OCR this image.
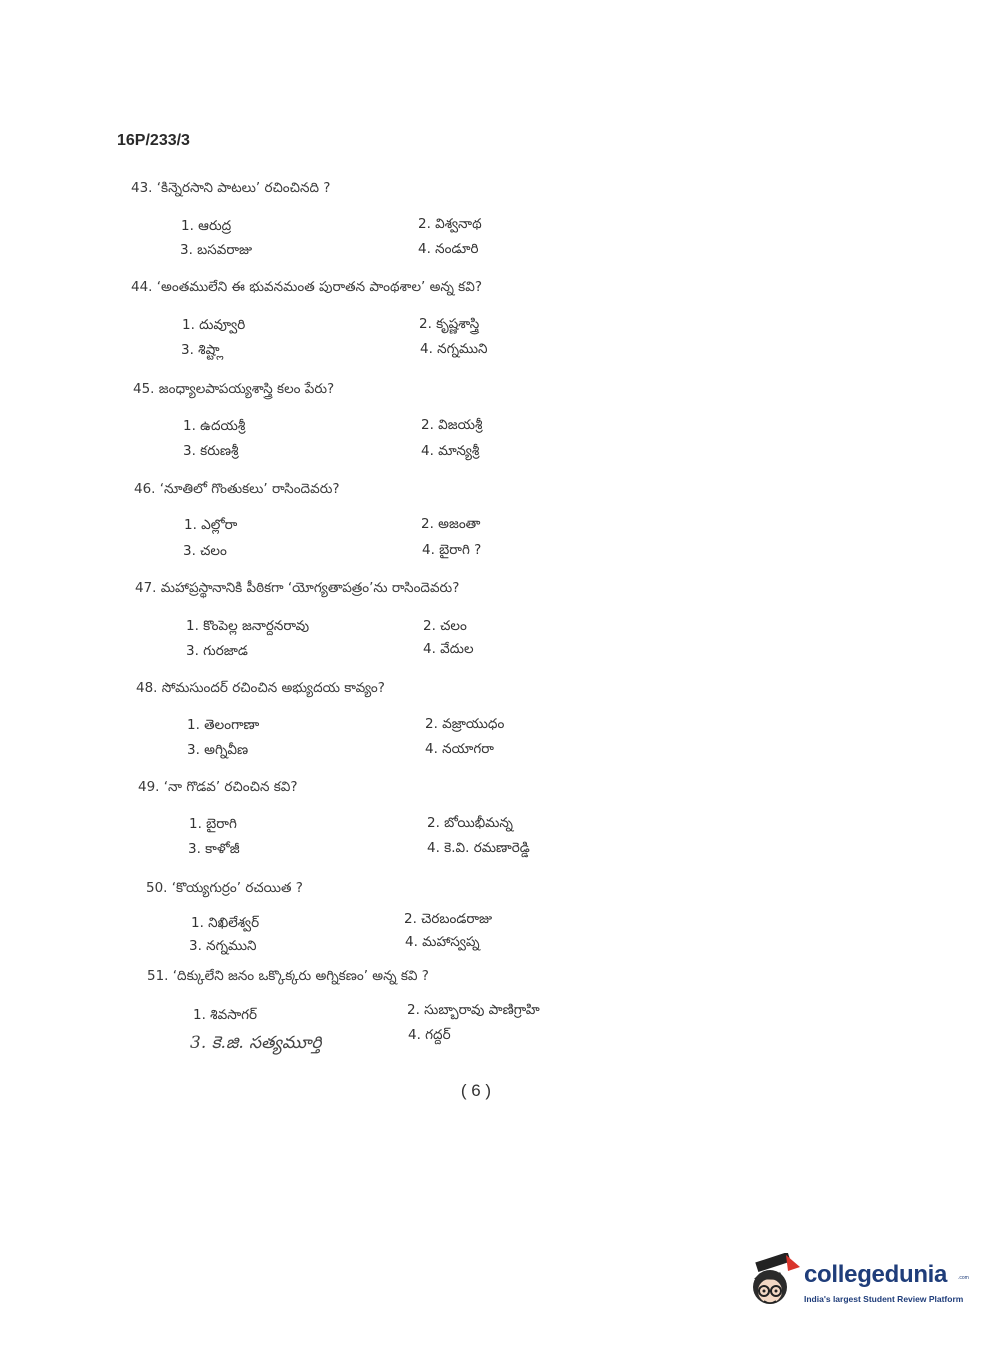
16P/233/3
43. ‘కిన్నెరసాని పాటలు’ రచించినది ?
1. ఆరుద్ర	2. విశ్వనాథ
3. బసవరాజు	4. నండూరి
44. ‘అంతములేని ఈ భువనమంత పురాతన పాంథశాల’ అన్న కవి?
1. దువ్వూరి	2. కృష్ణశాస్త్రి
3. శిష్ట్లా	4. నగ్నముని
45. జంధ్యాలపాపయ్యశాస్త్రి కలం పేరు?
1. ఉదయశ్రీ	2. విజయశ్రీ
3. కరుణశ్రీ	4. మాన్యశ్రీ
46. ‘నూతిలో గొంతుకలు’ రాసిందెవరు?
1. ఎల్లోరా	2. అజంతా
3. చలం	4. బైరాగి ?
47. మహాప్రస్థానానికి పీఠికగా ‘యోగ్యతాపత్రం’ను రాసిందెవరు?
1. కొంపెల్ల జనార్దనరావు	2. చలం
3. గురజాడ	4. వేదుల
48. సోమసుందర్ రచించిన అభ్యుదయ కావ్యం?
1. తెలంగాణా	2. వజ్రాయుధం
3. అగ్నివీణ	4. నయాగరా
49. ‘నా గొడవ’ రచించిన కవి?
1. బైరాగి	2. బోయిభీమన్న
3. కాళోజీ	4. కె.వి. రమణారెడ్డి
50. ‘కొయ్యగుర్రం’ రచయిత ?
1. నిఖిలేశ్వర్	2. చెరబండరాజు
3. నగ్నముని	4. మహాస్వప్న
51. ‘దిక్కులేని జనం ఒక్కొక్కరు అగ్నికణం’ అన్న కవి ?
1. శివసాగర్	2. సుబ్బారావు పాణిగ్రాహి
3. కె.జి. సత్యమూర్తి	4. గద్దర్
( 6 )
collegedunia .com
India's largest Student Review Platform
